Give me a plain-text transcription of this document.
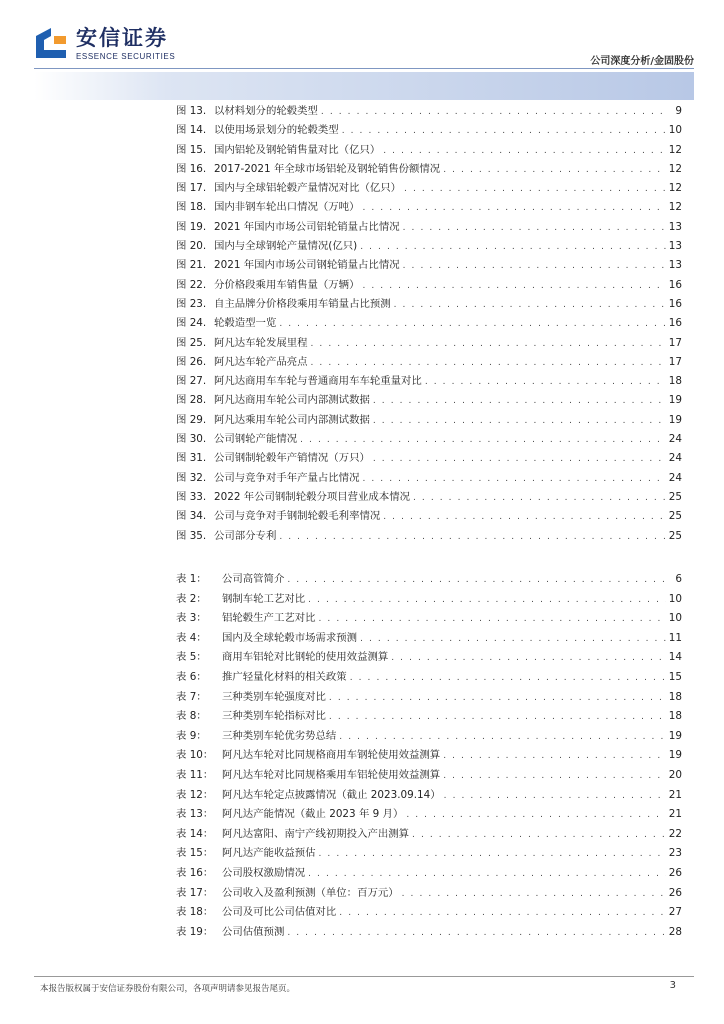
安信证券
ESSENCE SECURITIES	公司深度分析/金固股份
图 13. 以材料划分的轮毂类型 . . .	9
图 14. 以使用场景划分的轮毂类型 . . .	10
图 15. 国内铝轮及钢轮销售量对比（亿只） . . .	12
图 16. 2017-2021 年全球市场铝轮及钢轮销售份额情况 . . .	12
图 17. 国内与全球铝轮毂产量情况对比（亿只） . . .	12
图 18. 国内非钢车轮出口情况（万吨） . . .	12
图 19. 2021 年国内市场公司铝轮销量占比情况 . . .	13
图 20. 国内与全球钢轮产量情况(亿只) . . .	13
图 21. 2021 年国内市场公司钢轮销量占比情况 . . .	13
图 22. 分价格段乘用车销售量（万辆） . . .	16
图 23. 自主品牌分价格段乘用车销量占比预测 . . .	16
图 24. 轮毂造型一览 . . .	16
图 25. 阿凡达车轮发展里程 . . .	17
图 26. 阿凡达车轮产品亮点 . . .	17
图 27. 阿凡达商用车车轮与普通商用车车轮重量对比 . . .	18
图 28. 阿凡达商用车轮公司内部测试数据 . . .	19
图 29. 阿凡达乘用车轮公司内部测试数据 . . .	19
图 30. 公司钢轮产能情况 . . .	24
图 31. 公司钢制轮毂年产销情况（万只） . . .	24
图 32. 公司与竞争对手年产量占比情况 . . .	24
图 33. 2022 年公司钢制轮毂分项目营业成本情况 . . .	25
图 34. 公司与竞争对手钢制轮毂毛利率情况 . . .	25
图 35. 公司部分专利 . . .	25
表 1：	公司高管简介 . . .	6
表 2：	钢制车轮工艺对比 . . .	10
表 3：	铝轮毂生产工艺对比 . . .	10
表 4：	国内及全球轮毂市场需求预测 . . .	11
表 5：	商用车铝轮对比钢轮的使用效益测算 . . .	14
表 6：	推广轻量化材料的相关政策 . . .	15
表 7：	三种类别车轮强度对比 . . .	18
表 8：	三种类别车轮指标对比 . . .	18
表 9：	三种类别车轮优劣势总结 . . .	19
表 10： 阿凡达车轮对比同规格商用车钢轮使用效益测算 . . .	19
表 11： 阿凡达车轮对比同规格乘用车铝轮使用效益测算 . . .	20
表 12： 阿凡达车轮定点披露情况（截止 2023.09.14） . . .	21
表 13： 阿凡达产能情况（截止 2023 年 9 月） . . .	21
表 14： 阿凡达富阳、南宁产线初期投入产出测算 . . .	22
表 15： 阿凡达产能收益预估 . . .	23
表 16： 公司股权激励情况 . . .	26
表 17： 公司收入及盈利预测（单位：百万元） . . .	26
表 18： 公司及可比公司估值对比 . . .	27
表 19： 公司估值预测 . . .	28
本报告版权属于安信证券股份有限公司，各项声明请参见报告尾页。	3
